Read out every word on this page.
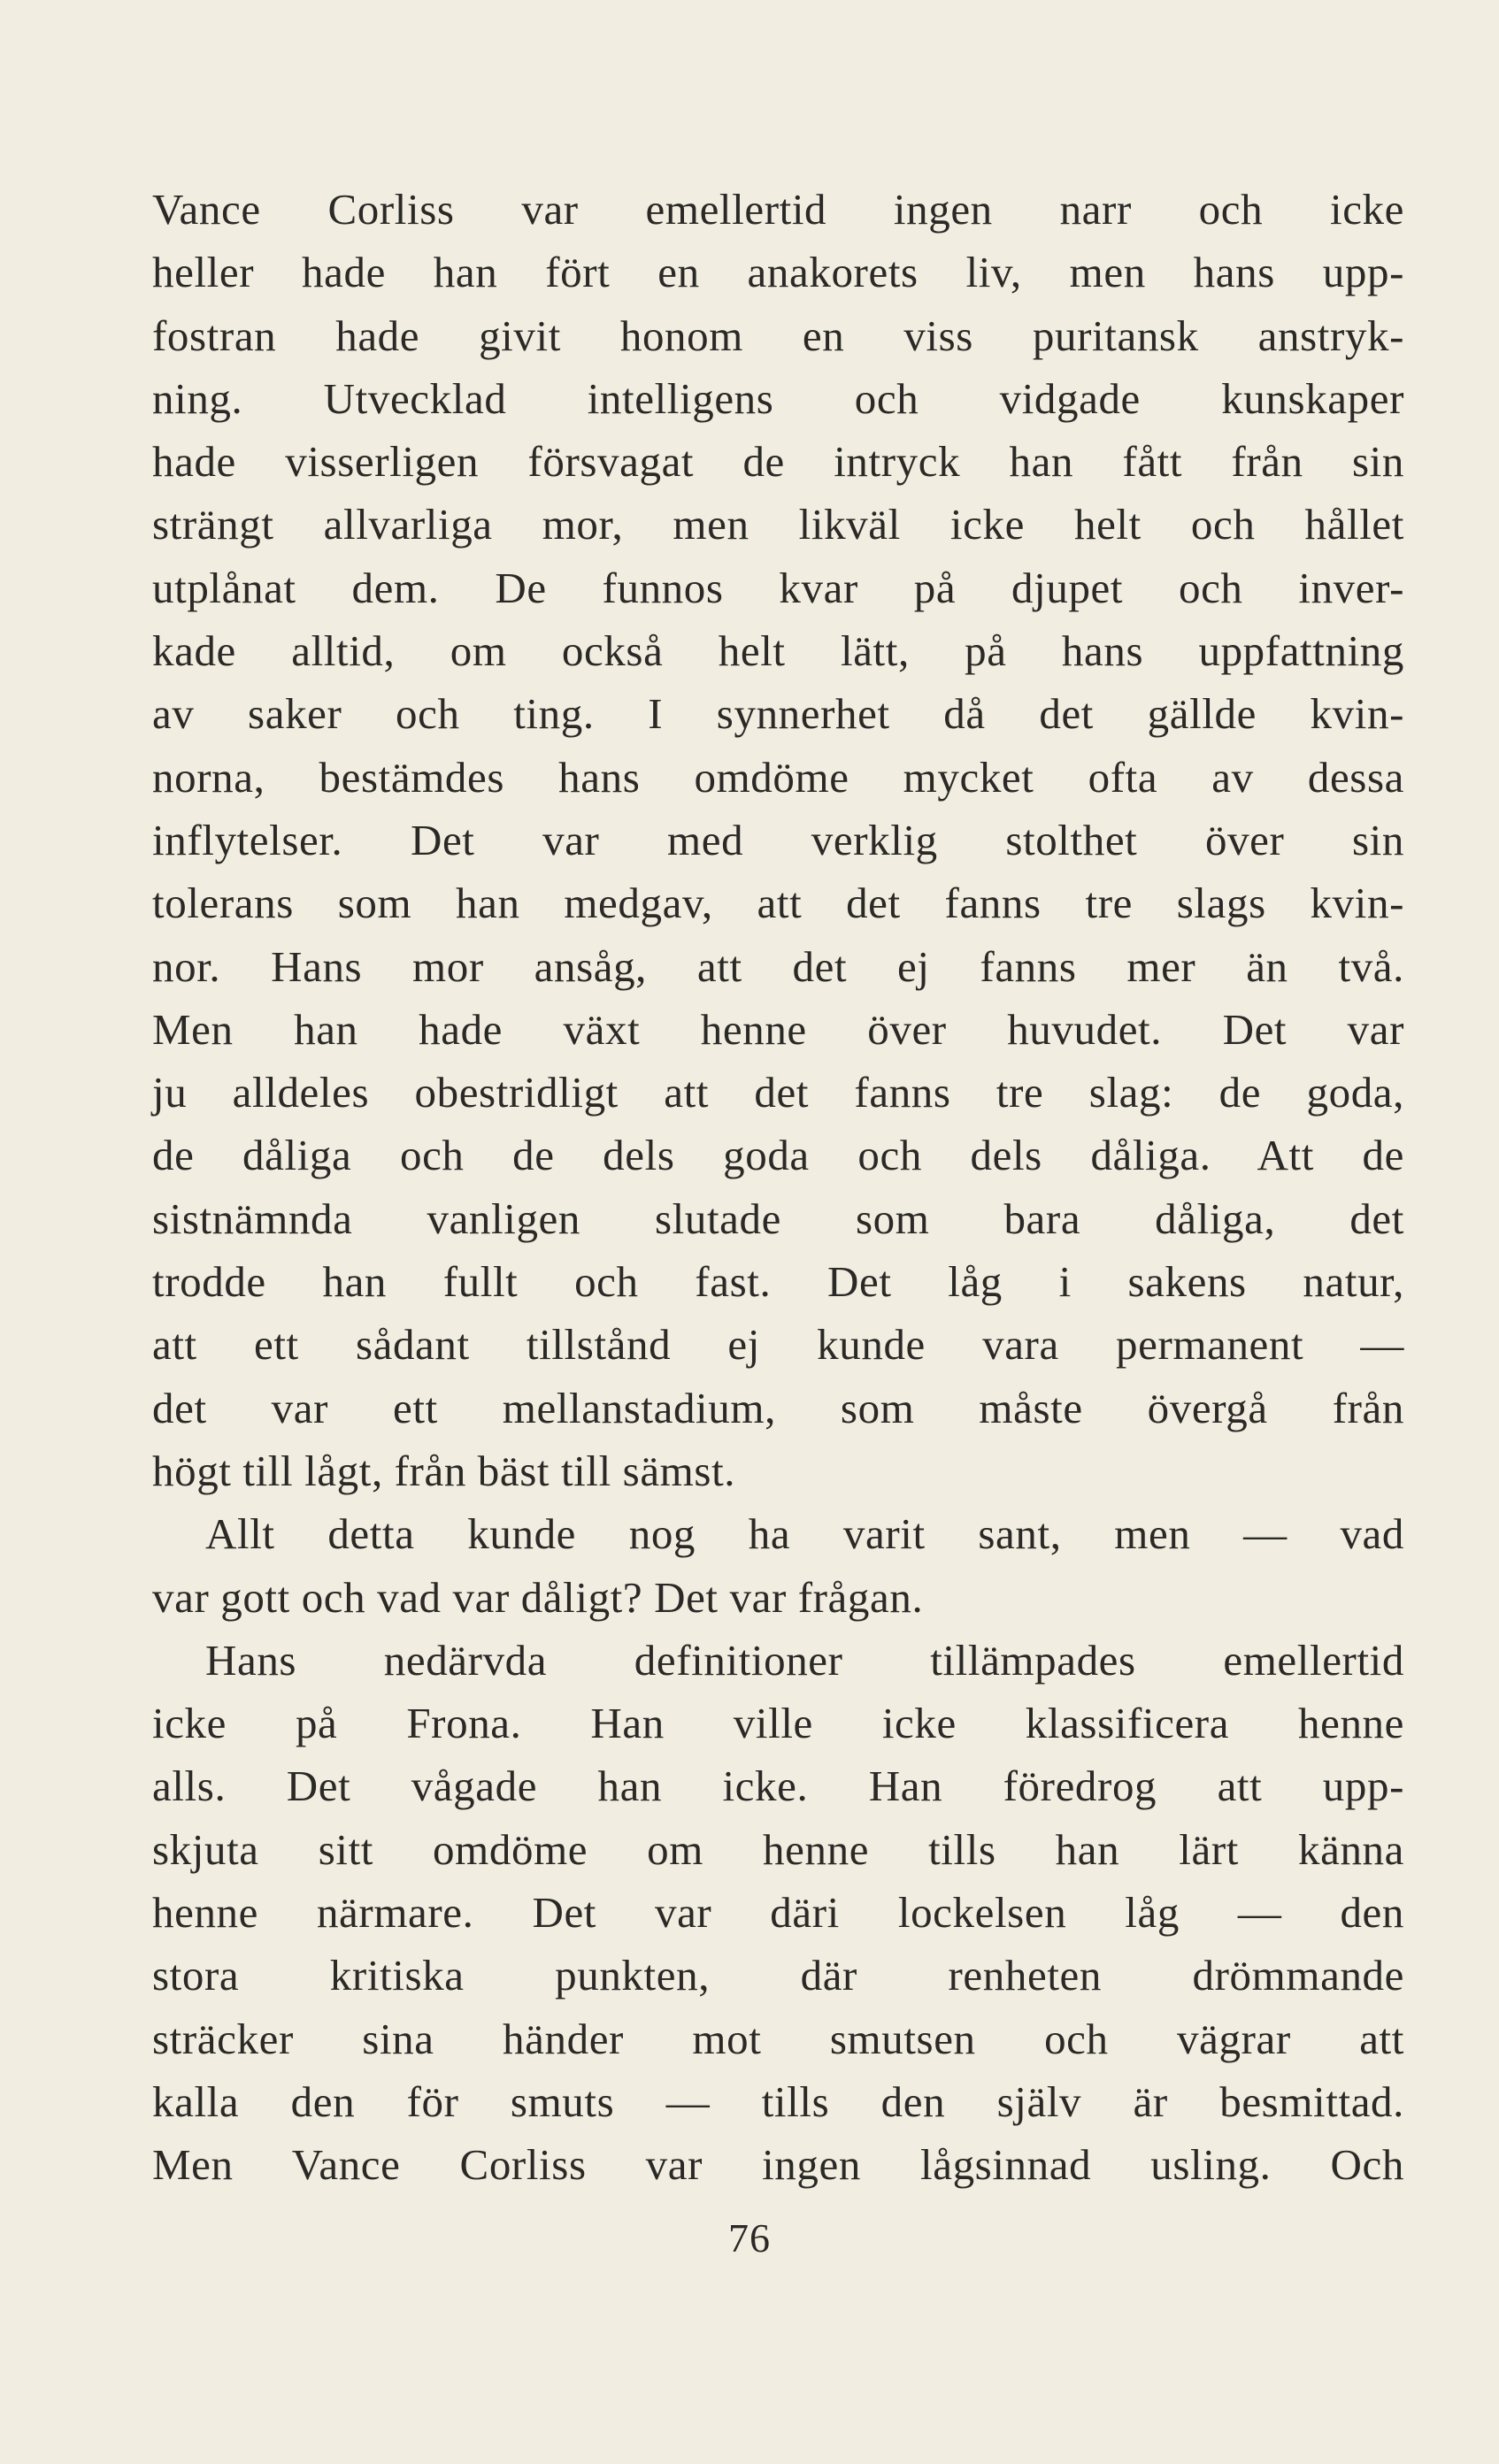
Vance Corliss var emellertid ingen narr och icke
heller hade han fört en anakorets liv, men hans upp-
fostran hade givit honom en viss puritansk anstryk-
ning. Utvecklad intelligens och vidgade kunskaper
hade visserligen försvagat de intryck han fått från sin
strängt allvarliga mor, men likväl icke helt och hållet
utplånat dem. De funnos kvar på djupet och inver-
kade alltid, om också helt lätt, på hans uppfattning
av saker och ting. I synnerhet då det gällde kvin-
norna, bestämdes hans omdöme mycket ofta av dessa
inflytelser. Det var med verklig stolthet över sin
tolerans som han medgav, att det fanns tre slags kvin-
nor. Hans mor ansåg, att det ej fanns mer än två.
Men han hade växt henne över huvudet. Det var
ju alldeles obestridligt att det fanns tre slag: de goda,
de dåliga och de dels goda och dels dåliga. Att de
sistnämnda vanligen slutade som bara dåliga, det
trodde han fullt och fast. Det låg i sakens natur,
att ett sådant tillstånd ej kunde vara permanent —
det var ett mellanstadium, som måste övergå från
högt till lågt, från bäst till sämst.
Allt detta kunde nog ha varit sant, men — vad
var gott och vad var dåligt? Det var frågan.
Hans nedärvda definitioner tillämpades emellertid
icke på Frona. Han ville icke klassificera henne
alls. Det vågade han icke. Han föredrog att upp-
skjuta sitt omdöme om henne tills han lärt känna
henne närmare. Det var däri lockelsen låg — den
stora kritiska punkten, där renheten drömmande
sträcker sina händer mot smutsen och vägrar att
kalla den för smuts — tills den själv är besmittad.
Men Vance Corliss var ingen lågsinnad usling. Och
76
